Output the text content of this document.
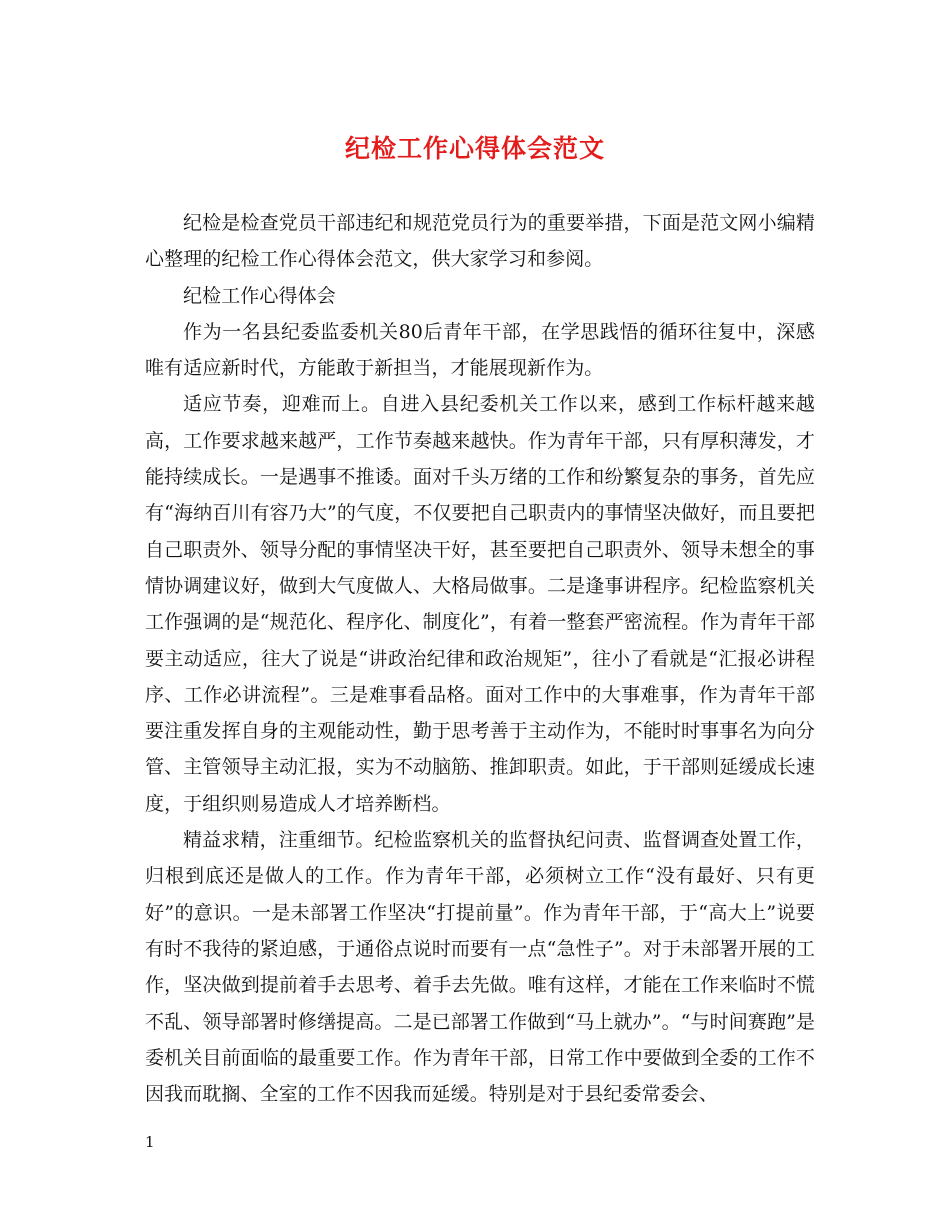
纪检工作心得体会范文

纪检是检查党员干部违纪和规范党员行为的重要举措，下面是范文网小编精心整理的纪检工作心得体会范文，供大家学习和参阅。

纪检工作心得体会

作为一名县纪委监委机关80后青年干部，在学思践悟的循环往复中，深感唯有适应新时代，方能敢于新担当，才能展现新作为。

适应节奏，迎难而上。自进入县纪委机关工作以来，感到工作标杆越来越高，工作要求越来越严，工作节奏越来越快。作为青年干部，只有厚积薄发，才能持续成长。一是遇事不推诿。面对千头万绪的工作和纷繁复杂的事务，首先应有“海纳百川有容乃大”的气度，不仅要把自己职责内的事情坚决做好，而且要把自己职责外、领导分配的事情坚决干好，甚至要把自己职责外、领导未想全的事情协调建议好，做到大气度做人、大格局做事。二是逢事讲程序。纪检监察机关工作强调的是“规范化、程序化、制度化”，有着一整套严密流程。作为青年干部要主动适应，往大了说是“讲政治纪律和政治规矩”，往小了看就是“汇报必讲程序、工作必讲流程”。三是难事看品格。面对工作中的大事难事，作为青年干部要注重发挥自身的主观能动性，勤于思考善于主动作为，不能时时事事名为向分管、主管领导主动汇报，实为不动脑筋、推卸职责。如此，于干部则延缓成长速度，于组织则易造成人才培养断档。

精益求精，注重细节。纪检监察机关的监督执纪问责、监督调查处置工作，归根到底还是做人的工作。作为青年干部，必须树立工作“没有最好、只有更好”的意识。一是未部署工作坚决“打提前量”。作为青年干部，于“高大上”说要有时不我待的紧迫感，于通俗点说时而要有一点“急性子”。对于未部署开展的工作，坚决做到提前着手去思考、着手去先做。唯有这样，才能在工作来临时不慌不乱、领导部署时修缮提高。二是已部署工作做到“马上就办”。“与时间赛跑”是委机关目前面临的最重要工作。作为青年干部，日常工作中要做到全委的工作不因我而耽搁、全室的工作不因我而延缓。特别是对于县纪委常委会、

1
